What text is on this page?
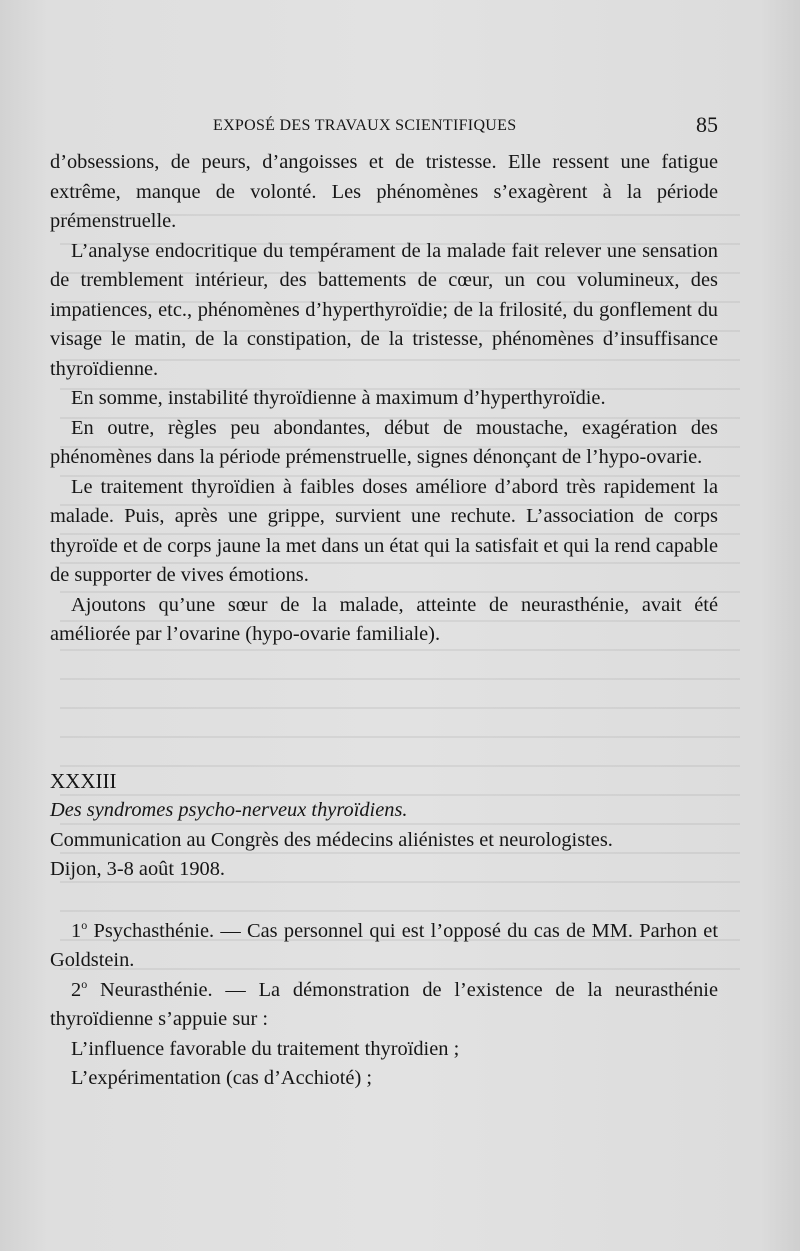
EXPOSÉ DES TRAVAUX SCIENTIFIQUES	85

d’obsessions, de peurs, d’angoisses et de tristesse. Elle ressent une fatigue extrême, manque de volonté. Les phénomènes s’exagèrent à la période prémenstruelle.

L’analyse endocritique du tempérament de la malade fait relever une sensation de tremblement intérieur, des battements de cœur, un cou volumineux, des impatiences, etc., phénomènes d’hyperthyroïdie; de la frilosité, du gonflement du visage le matin, de la constipation, de la tristesse, phénomènes d’insuffisance thyroïdienne.

En somme, instabilité thyroïdienne à maximum d’hyperthyroïdie.

En outre, règles peu abondantes, début de moustache, exagération des phénomènes dans la période prémenstruelle, signes dénonçant de l’hypo-ovarie.

Le traitement thyroïdien à faibles doses améliore d’abord très rapidement la malade. Puis, après une grippe, survient une rechute. L’association de corps thyroïde et de corps jaune la met dans un état qui la satisfait et qui la rend capable de supporter de vives émotions.

Ajoutons qu’une sœur de la malade, atteinte de neurasthénie, avait été améliorée par l’ovarine (hypo-ovarie familiale).

XXXIII

Des syndromes psycho-nerveux thyroïdiens.

Communication au Congrès des médecins aliénistes et neurologistes.

Dijon, 3-8 août 1908.

1$^o$ Psychasthénie. — Cas personnel qui est l’opposé du cas de MM. Parhon et Goldstein.

2$^o$ Neurasthénie. — La démonstration de l’existence de la neurasthénie thyroïdienne s’appuie sur :

L’influence favorable du traitement thyroïdien ;

L’expérimentation (cas d’Acchioté) ;
